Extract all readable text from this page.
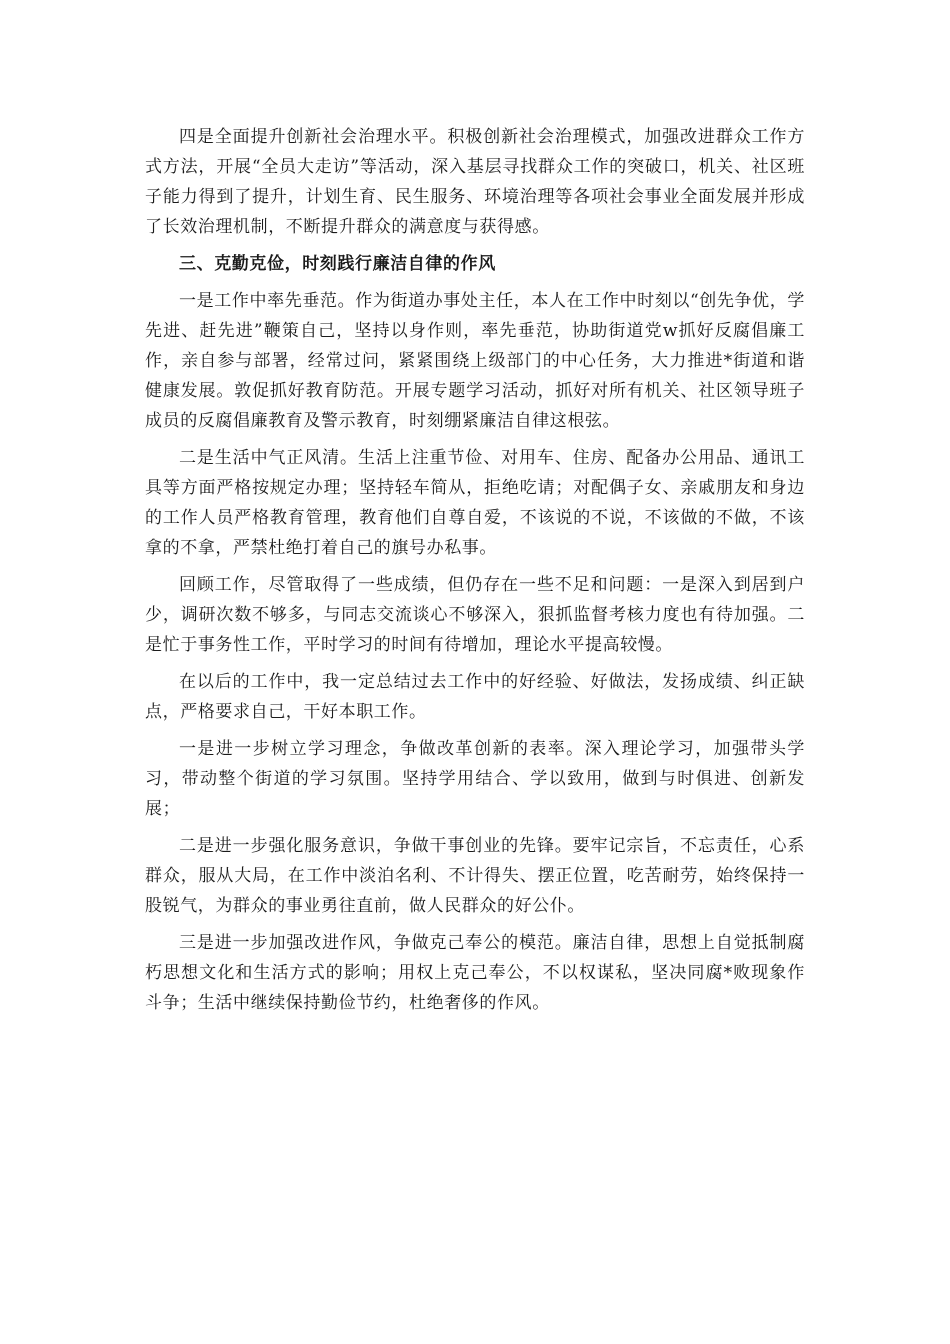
四是全面提升创新社会治理水平。积极创新社会治理模式，加强改进群众工作方式方法，开展“全员大走访”等活动，深入基层寻找群众工作的突破口，机关、社区班子能力得到了提升，计划生育、民生服务、环境治理等各项社会事业全面发展并形成了长效治理机制，不断提升群众的满意度与获得感。

三、克勤克俭，时刻践行廉洁自律的作风

一是工作中率先垂范。作为街道办事处主任，本人在工作中时刻以“创先争优，学先进、赶先进”鞭策自己，坚持以身作则，率先垂范，协助街道党w抓好反腐倡廉工作，亲自参与部署，经常过问，紧紧围绕上级部门的中心任务，大力推进*街道和谐健康发展。敦促抓好教育防范。开展专题学习活动，抓好对所有机关、社区领导班子成员的反腐倡廉教育及警示教育，时刻绷紧廉洁自律这根弦。

二是生活中气正风清。生活上注重节俭、对用车、住房、配备办公用品、通讯工具等方面严格按规定办理；坚持轻车简从，拒绝吃请；对配偶子女、亲戚朋友和身边的工作人员严格教育管理，教育他们自尊自爱，不该说的不说，不该做的不做，不该拿的不拿，严禁杜绝打着自己的旗号办私事。

回顾工作，尽管取得了一些成绩，但仍存在一些不足和问题：一是深入到居到户少，调研次数不够多，与同志交流谈心不够深入，狠抓监督考核力度也有待加强。二是忙于事务性工作，平时学习的时间有待增加，理论水平提高较慢。

在以后的工作中，我一定总结过去工作中的好经验、好做法，发扬成绩、纠正缺点，严格要求自己，干好本职工作。

一是进一步树立学习理念，争做改革创新的表率。深入理论学习，加强带头学习，带动整个街道的学习氛围。坚持学用结合、学以致用，做到与时俱进、创新发展；

二是进一步强化服务意识，争做干事创业的先锋。要牢记宗旨，不忘责任，心系群众，服从大局，在工作中淡泊名利、不计得失、摆正位置，吃苦耐劳，始终保持一股锐气，为群众的事业勇往直前，做人民群众的好公仆。

三是进一步加强改进作风，争做克己奉公的模范。廉洁自律，思想上自觉抵制腐朽思想文化和生活方式的影响；用权上克己奉公，不以权谋私，坚决同腐*败现象作斗争；生活中继续保持勤俭节约，杜绝奢侈的作风。
